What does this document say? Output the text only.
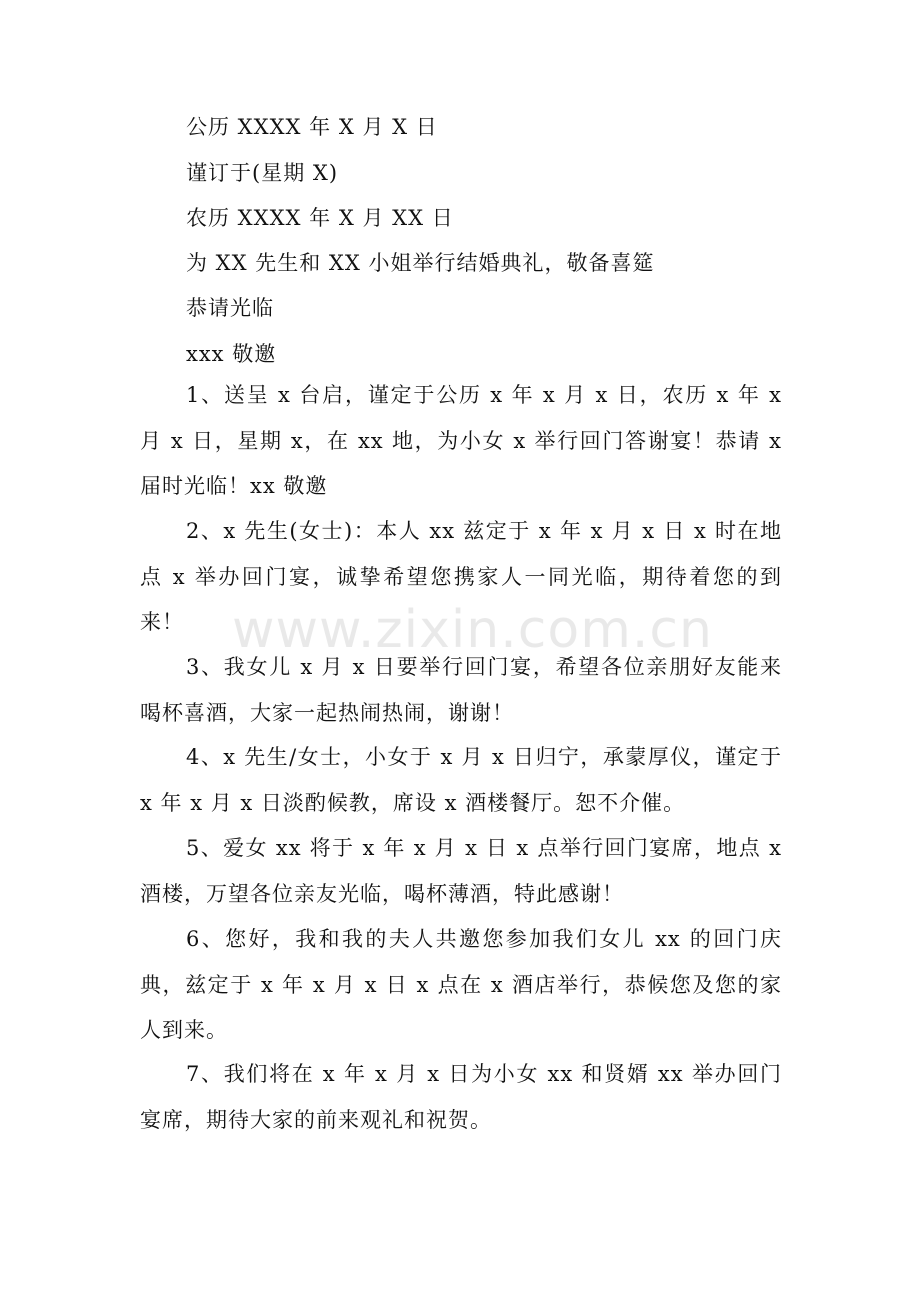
公历 XXXX 年 X 月 X 日
谨订于(星期 X)
农历 XXXX 年 X 月 XX 日
为 XX 先生和 XX 小姐举行结婚典礼，敬备喜筵
恭请光临
xxx 敬邀
1、送呈 x 台启，谨定于公历 x 年 x 月 x 日，农历 x 年 x 月 x 日，星期 x，在 xx 地，为小女 x 举行回门答谢宴！恭请 x 届时光临！xx 敬邀
2、x 先生(女士)：本人 xx 兹定于 x 年 x 月 x 日 x 时在地点 x 举办回门宴，诚挚希望您携家人一同光临，期待着您的到来！
3、我女儿 x 月 x 日要举行回门宴，希望各位亲朋好友能来喝杯喜酒，大家一起热闹热闹，谢谢！
4、x 先生/女士，小女于 x 月 x 日归宁，承蒙厚仪，谨定于 x 年 x 月 x 日淡酌候教，席设 x 酒楼餐厅。恕不介催。
5、爱女 xx 将于 x 年 x 月 x 日 x 点举行回门宴席，地点 x 酒楼，万望各位亲友光临，喝杯薄酒，特此感谢！
6、您好，我和我的夫人共邀您参加我们女儿 xx 的回门庆典，兹定于 x 年 x 月 x 日 x 点在 x 酒店举行，恭候您及您的家人到来。
7、我们将在 x 年 x 月 x 日为小女 xx 和贤婿 xx 举办回门宴席，期待大家的前来观礼和祝贺。
www.zixin.com.cn
